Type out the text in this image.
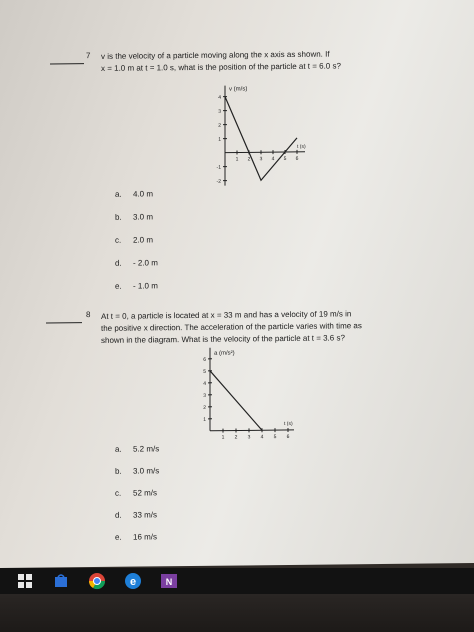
7 v is the velocity of a particle moving along the x axis as shown. If
x = 1.0 m at t = 1.0 s, what is the position of the particle at t = 6.0 s?
v (m/s)
t (s)
4
3
2
1
-1
-2
1 2 3 4 5 6
a. 4.0 m
b. 3.0 m
c. 2.0 m
d. - 2.0 m
e. - 1.0 m
8 At t = 0, a particle is located at x = 33 m and has a velocity of 19 m/s in
the positive x direction. The acceleration of the particle varies with time as
shown in the diagram. What is the velocity of the particle at t = 3.6 s?
a (m/s²)
t (s)
6
5
4
3
2
1
1 2 3 4 5 6
a. 5.2 m/s
b. 3.0 m/s
c. 52 m/s
d. 33 m/s
e. 16 m/s
e	N
